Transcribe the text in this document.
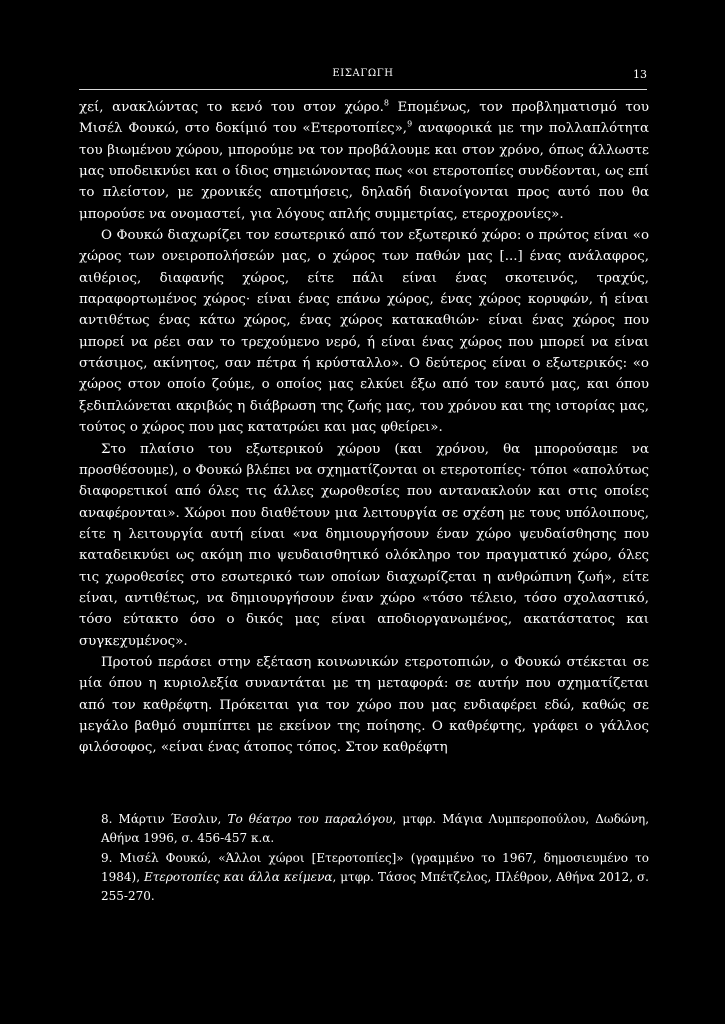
ΕΙΣΑΓΩΓΗ	13

χεί, ανακλώντας το κενό του στον χώρο.$^8$ Επομένως, τον προβληματισμό του Μισέλ Φουκώ, στο δοκίμιό του «Ετεροτοπίες»,$^9$ αναφορικά με την πολλαπλότητα του βιωμένου χώρου, μπορούμε να τον προβάλουμε και στον χρόνο, όπως άλλωστε μας υποδεικνύει και ο ίδιος σημειώνοντας πως «οι ετεροτοπίες συνδέονται, ως επί το πλείστον, με χρονικές αποτμήσεις, δηλαδή διανοίγονται προς αυτό που θα μπορούσε να ονομαστεί, για λόγους απλής συμμετρίας, ετεροχρονίες».

Ο Φουκώ διαχωρίζει τον εσωτερικό από τον εξωτερικό χώρο: ο πρώτος είναι «ο χώρος των ονειροπολήσεών μας, ο χώρος των παθών μας [...] ένας ανάλαφρος, αιθέριος, διαφανής χώρος, είτε πάλι είναι ένας σκοτεινός, τραχύς, παραφορτωμένος χώρος· είναι ένας επάνω χώρος, ένας χώρος κορυφών, ή είναι αντιθέτως ένας κάτω χώρος, ένας χώρος κατακαθιών· είναι ένας χώρος που μπορεί να ρέει σαν το τρεχούμενο νερό, ή είναι ένας χώρος που μπορεί να είναι στάσιμος, ακίνητος, σαν πέτρα ή κρύσταλλο». Ο δεύτερος είναι ο εξωτερικός: «ο χώρος στον οποίο ζούμε, ο οποίος μας ελκύει έξω από τον εαυτό μας, και όπου ξεδιπλώνεται ακριβώς η διάβρωση της ζωής μας, του χρόνου και της ιστορίας μας, τούτος ο χώρος που μας κατατρώει και μας φθείρει».

Στο πλαίσιο του εξωτερικού χώρου (και χρόνου, θα μπορούσαμε να προσθέσουμε), ο Φουκώ βλέπει να σχηματίζονται οι ετεροτοπίες· τόποι «απολύτως διαφορετικοί από όλες τις άλλες χωροθεσίες που αντανακλούν και στις οποίες αναφέρονται». Χώροι που διαθέτουν μια λειτουργία σε σχέση με τους υπόλοιπους, είτε η λειτουργία αυτή είναι «να δημιουργήσουν έναν χώρο ψευδαίσθησης που καταδεικνύει ως ακόμη πιο ψευδαισθητικό ολόκληρο τον πραγματικό χώρο, όλες τις χωροθεσίες στο εσωτερικό των οποίων διαχωρίζεται η ανθρώπινη ζωή», είτε είναι, αντιθέτως, να δημιουργήσουν έναν χώρο «τόσο τέλειο, τόσο σχολαστικό, τόσο εύτακτο όσο ο δικός μας είναι αποδιοργανωμένος, ακατάστατος και συγκεχυμένος».

Προτού περάσει στην εξέταση κοινωνικών ετεροτοπιών, ο Φουκώ στέκεται σε μία όπου η κυριολεξία συναντάται με τη μεταφορά: σε αυτήν που σχηματίζεται από τον καθρέφτη. Πρόκειται για τον χώρο που μας ενδιαφέρει εδώ, καθώς σε μεγάλο βαθμό συμπίπτει με εκείνον της ποίησης. Ο καθρέφτης, γράφει ο γάλλος φιλόσοφος, «είναι ένας άτοπος τόπος. Στον καθρέφτη

8. Μάρτιν Έσσλιν, Το θέατρο του παραλόγου, μτφρ. Μάγια Λυμπεροπούλου, Δωδώνη, Αθήνα 1996, σ. 456-457 κ.α.

9. Μισέλ Φουκώ, «Άλλοι χώροι [Ετεροτοπίες]» (γραμμένο το 1967, δημοσιευμένο το 1984), Ετεροτοπίες και άλλα κείμενα, μτφρ. Τάσος Μπέτζελος, Πλέθρον, Αθήνα 2012, σ. 255-270.
